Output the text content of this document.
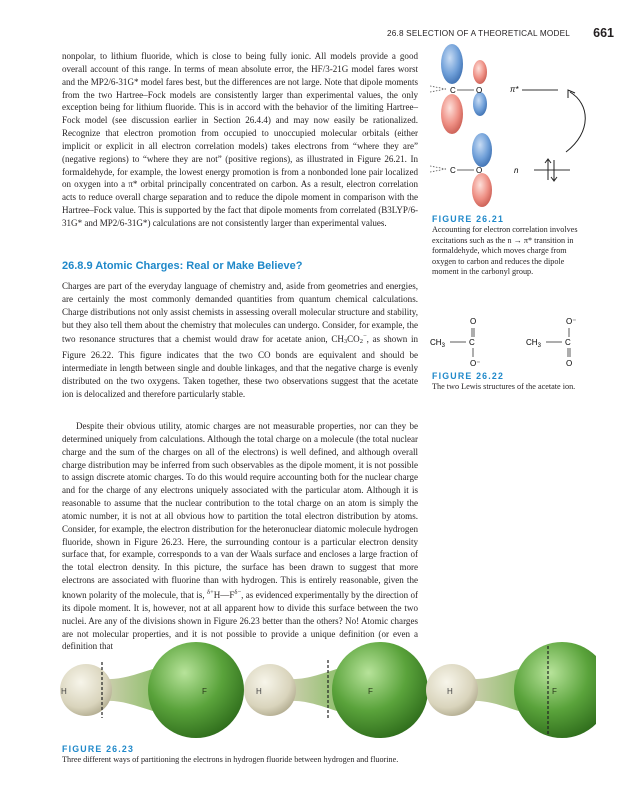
26.8 SELECTION OF A THEORETICAL MODEL 661

nonpolar, to lithium fluoride, which is close to being fully ionic. All models provide a good overall account of this range. In terms of mean absolute error, the HF/3-21G model fares worst and the MP2/6-31G* model fares best, but the differences are not large. Note that dipole moments from the two Hartree–Fock models are consistently larger than experimental values, the only exception being for lithium fluoride. This is in accord with the behavior of the limiting Hartree–Fock model (see discussion earlier in Section 26.4.4) and may now easily be rationalized. Recognize that electron promotion from occupied to unoccupied molecular orbitals (either implicit or explicit in all electron correlation models) takes electrons from “where they are” (negative regions) to “where they are not” (positive regions), as illustrated in Figure 26.21. In formaldehyde, for example, the lowest energy promotion is from a nonbonded lone pair localized on oxygen into a π* orbital principally concentrated on carbon. As a result, electron correlation acts to reduce overall charge separation and to reduce the dipole moment in comparison with the Hartree–Fock value. This is supported by the fact that dipole moments from correlated (B3LYP/6-31G* and MP2/6-31G*) calculations are not consistently larger than experimental values.

26.8.9 Atomic Charges: Real or Make Believe?

Charges are part of the everyday language of chemistry and, aside from geometries and energies, are certainly the most commonly demanded quantities from quantum chemical calculations. Charge distributions not only assist chemists in assessing overall molecular structure and stability, but they also tell them about the chemistry that molecules can undergo. Consider, for example, the two resonance structures that a chemist would draw for acetate anion, CH3CO2−, as shown in Figure 26.22. This figure indicates that the two CO bonds are equivalent and should be intermediate in length between single and double linkages, and that the negative charge is evenly distributed on the two oxygens. Taken together, these two observations suggest that the acetate ion is delocalized and therefore particularly stable.

Despite their obvious utility, atomic charges are not measurable properties, nor can they be determined uniquely from calculations. Although the total charge on a molecule (the total nuclear charge and the sum of the charges on all of the electrons) is well defined, and although overall charge distribution may be inferred from such observables as the dipole moment, it is not possible to assign discrete atomic charges. To do this would require accounting both for the nuclear charge and for the charge of any electrons uniquely associated with the particular atom. Although it is reasonable to assume that the nuclear contribution to the total charge on an atom is simply the atomic number, it is not at all obvious how to partition the total electron distribution by atoms. Consider, for example, the electron distribution for the heteronuclear diatomic molecule hydrogen fluoride, shown in Figure 26.23. Here, the surrounding contour is a particular electron density surface that, for example, corresponds to a van der Waals surface and encloses a large fraction of the total electron density. In this picture, the surface has been drawn to suggest that more electrons are associated with fluorine than with hydrogen. This is entirely reasonable, given the known polarity of the molecule, that is, $^{\delta+}H—F^{\delta-}$, as evidenced experimentally by the direction of its dipole moment. It is, however, not at all apparent how to divide this surface between the two nuclei. Are any of the divisions shown in Figure 26.23 better than the others? No! Atomic charges are not molecular properties, and it is not possible to provide a unique definition (or even a definition that

C	O	π*
C	O	n
FIGURE 26.21
Accounting for electron correlation involves excitations such as the n → π* transition in formaldehyde, which moves charge from oxygen to carbon and reduces the dipole moment in the carbonyl group.
O
$CH_3$	C
O⁻
O⁻
$CH_3$	C
O
FIGURE 26.22
The two Lewis structures of the acetate ion.
H	F	H	F	H	F
FIGURE 26.23
Three different ways of partitioning the electrons in hydrogen fluoride between hydrogen and fluorine.
